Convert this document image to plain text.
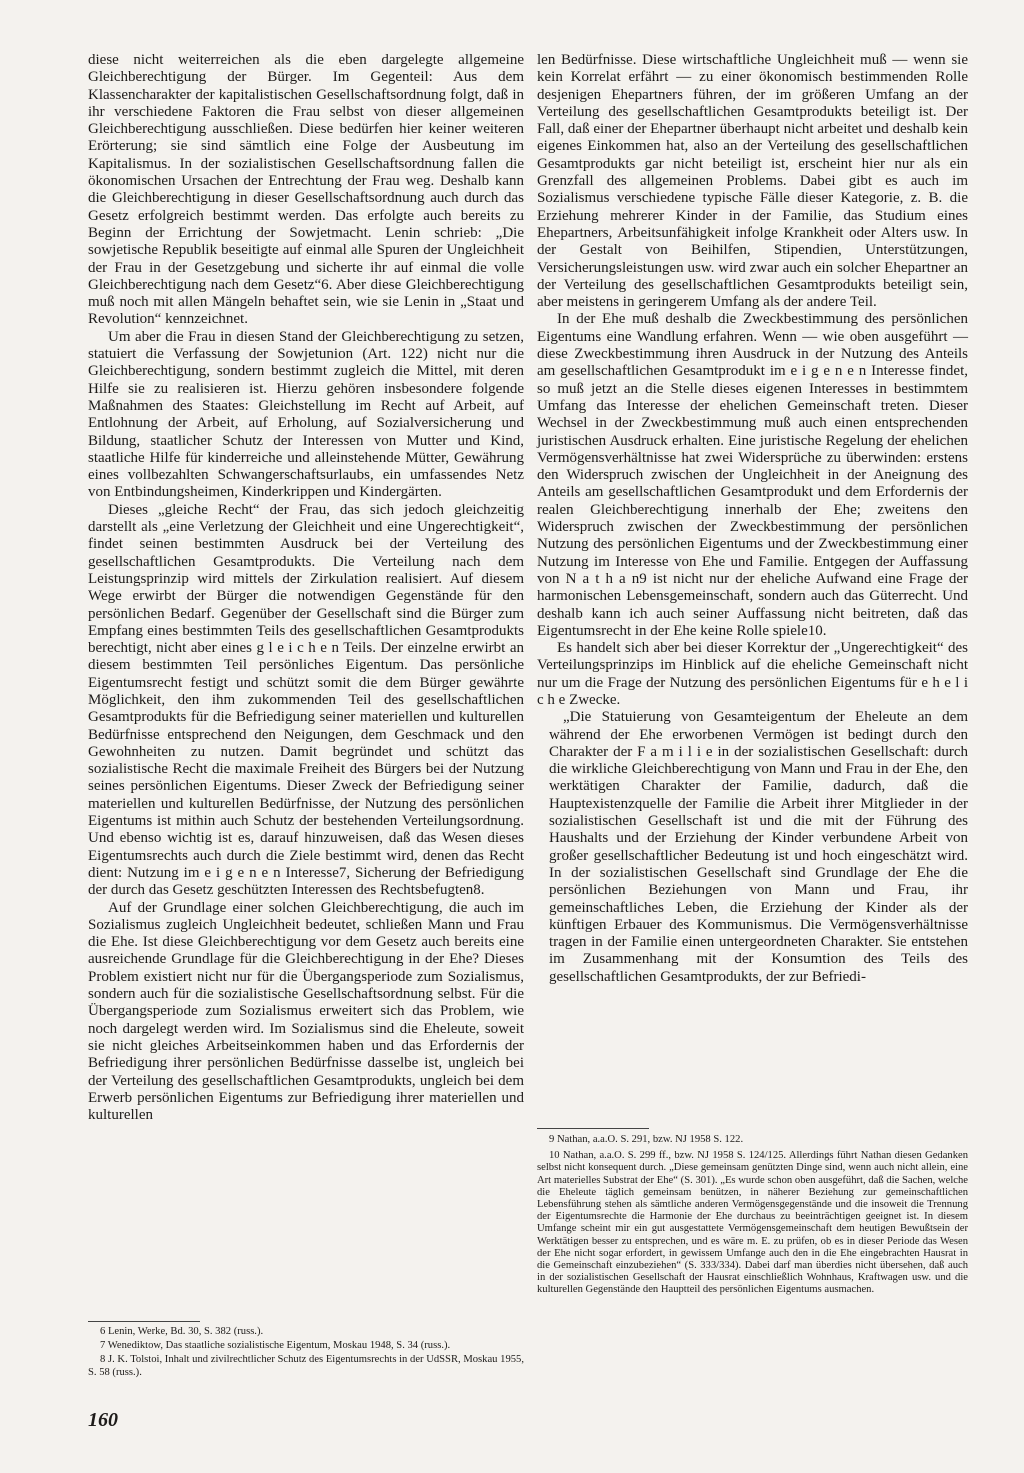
diese nicht weiterreichen als die eben dargelegte allgemeine Gleichberechtigung der Bürger. Im Gegenteil: Aus dem Klassencharakter der kapitalistischen Gesellschaftsordnung folgt, daß in ihr verschiedene Faktoren die Frau selbst von dieser allgemeinen Gleichberechtigung ausschließen. Diese bedürfen hier keiner weiteren Erörterung; sie sind sämtlich eine Folge der Ausbeutung im Kapitalismus. In der sozialistischen Gesellschaftsordnung fallen die ökonomischen Ursachen der Entrechtung der Frau weg. Deshalb kann die Gleichberechtigung in dieser Gesellschaftsordnung auch durch das Gesetz erfolgreich bestimmt werden. Das erfolgte auch bereits zu Beginn der Errichtung der Sowjetmacht. Lenin schrieb: „Die sowjetische Republik beseitigte auf einmal alle Spuren der Ungleichheit der Frau in der Gesetzgebung und sicherte ihr auf einmal die volle Gleichberechtigung nach dem Gesetz“6. Aber diese Gleichberechtigung muß noch mit allen Mängeln behaftet sein, wie sie Lenin in „Staat und Revolution“ kennzeichnet.

Um aber die Frau in diesen Stand der Gleichberechtigung zu setzen, statuiert die Verfassung der Sowjetunion (Art. 122) nicht nur die Gleichberechtigung, sondern bestimmt zugleich die Mittel, mit deren Hilfe sie zu realisieren ist. Hierzu gehören insbesondere folgende Maßnahmen des Staates: Gleichstellung im Recht auf Arbeit, auf Entlohnung der Arbeit, auf Erholung, auf Sozialversicherung und Bildung, staatlicher Schutz der Interessen von Mutter und Kind, staatliche Hilfe für kinderreiche und alleinstehende Mütter, Gewährung eines vollbezahlten Schwangerschaftsurlaubs, ein umfassendes Netz von Entbindungsheimen, Kinderkrippen und Kindergärten.

Dieses „gleiche Recht“ der Frau, das sich jedoch gleichzeitig darstellt als „eine Verletzung der Gleichheit und eine Ungerechtigkeit“, findet seinen bestimmten Ausdruck bei der Verteilung des gesellschaftlichen Gesamtprodukts. Die Verteilung nach dem Leistungsprinzip wird mittels der Zirkulation realisiert. Auf diesem Wege erwirbt der Bürger die notwendigen Gegenstände für den persönlichen Bedarf. Gegenüber der Gesellschaft sind die Bürger zum Empfang eines bestimmten Teils des gesellschaftlichen Gesamtprodukts berechtigt, nicht aber eines g l e i c h e n Teils. Der einzelne erwirbt an diesem bestimmten Teil persönliches Eigentum. Das persönliche Eigentumsrecht festigt und schützt somit die dem Bürger gewährte Möglichkeit, den ihm zukommenden Teil des gesellschaftlichen Gesamtprodukts für die Befriedigung seiner materiellen und kulturellen Bedürfnisse entsprechend den Neigungen, dem Geschmack und den Gewohnheiten zu nutzen. Damit begründet und schützt das sozialistische Recht die maximale Freiheit des Bürgers bei der Nutzung seines persönlichen Eigentums. Dieser Zweck der Befriedigung seiner materiellen und kulturellen Bedürfnisse, der Nutzung des persönlichen Eigentums ist mithin auch Schutz der bestehenden Verteilungsordnung. Und ebenso wichtig ist es, darauf hinzuweisen, daß das Wesen dieses Eigentumsrechts auch durch die Ziele bestimmt wird, denen das Recht dient: Nutzung im e i g e n e n Interesse7, Sicherung der Befriedigung der durch das Gesetz geschützten Interessen des Rechtsbefugten8.

Auf der Grundlage einer solchen Gleichberechtigung, die auch im Sozialismus zugleich Ungleichheit bedeutet, schließen Mann und Frau die Ehe. Ist diese Gleichberechtigung vor dem Gesetz auch bereits eine ausreichende Grundlage für die Gleichberechtigung in der Ehe? Dieses Problem existiert nicht nur für die Übergangsperiode zum Sozialismus, sondern auch für die sozialistische Gesellschaftsordnung selbst. Für die Übergangsperiode zum Sozialismus erweitert sich das Problem, wie noch dargelegt werden wird. Im Sozialismus sind die Eheleute, soweit sie nicht gleiches Arbeitseinkommen haben und das Erfordernis der Befriedigung ihrer persönlichen Bedürfnisse dasselbe ist, ungleich bei der Verteilung des gesellschaftlichen Gesamtprodukts, ungleich bei dem Erwerb persönlichen Eigentums zur Befriedigung ihrer materiellen und kulturellen

len Bedürfnisse. Diese wirtschaftliche Ungleichheit muß — wenn sie kein Korrelat erfährt — zu einer ökonomisch bestimmenden Rolle desjenigen Ehepartners führen, der im größeren Umfang an der Verteilung des gesellschaftlichen Gesamtprodukts beteiligt ist. Der Fall, daß einer der Ehepartner überhaupt nicht arbeitet und deshalb kein eigenes Einkommen hat, also an der Verteilung des gesellschaftlichen Gesamtprodukts gar nicht beteiligt ist, erscheint hier nur als ein Grenzfall des allgemeinen Problems. Dabei gibt es auch im Sozialismus verschiedene typische Fälle dieser Kategorie, z. B. die Erziehung mehrerer Kinder in der Familie, das Studium eines Ehepartners, Arbeitsunfähigkeit infolge Krankheit oder Alters usw. In der Gestalt von Beihilfen, Stipendien, Unterstützungen, Versicherungsleistungen usw. wird zwar auch ein solcher Ehepartner an der Verteilung des gesellschaftlichen Gesamtprodukts beteiligt sein, aber meistens in geringerem Umfang als der andere Teil.

In der Ehe muß deshalb die Zweckbestimmung des persönlichen Eigentums eine Wandlung erfahren. Wenn — wie oben ausgeführt — diese Zweckbestimmung ihren Ausdruck in der Nutzung des Anteils am gesellschaftlichen Gesamtprodukt im e i g e n e n Interesse findet, so muß jetzt an die Stelle dieses eigenen Interesses in bestimmtem Umfang das Interesse der ehelichen Gemeinschaft treten. Dieser Wechsel in der Zweckbestimmung muß auch einen entsprechenden juristischen Ausdruck erhalten. Eine juristische Regelung der ehelichen Vermögensverhältnisse hat zwei Widersprüche zu überwinden: erstens den Widerspruch zwischen der Ungleichheit in der Aneignung des Anteils am gesellschaftlichen Gesamtprodukt und dem Erfordernis der realen Gleichberechtigung innerhalb der Ehe; zweitens den Widerspruch zwischen der Zweckbestimmung der persönlichen Nutzung des persönlichen Eigentums und der Zweckbestimmung einer Nutzung im Interesse von Ehe und Familie. Entgegen der Auffassung von N a t h a n9 ist nicht nur der eheliche Aufwand eine Frage der harmonischen Lebensgemeinschaft, sondern auch das Güterrecht. Und deshalb kann ich auch seiner Auffassung nicht beitreten, daß das Eigentumsrecht in der Ehe keine Rolle spiele10.

Es handelt sich aber bei dieser Korrektur der „Ungerechtigkeit“ des Verteilungsprinzips im Hinblick auf die eheliche Gemeinschaft nicht nur um die Frage der Nutzung des persönlichen Eigentums für e h e l i c h e Zwecke.

„Die Statuierung von Gesamteigentum der Eheleute an dem während der Ehe erworbenen Vermögen ist bedingt durch den Charakter der F a m i l i e in der sozialistischen Gesellschaft: durch die wirkliche Gleichberechtigung von Mann und Frau in der Ehe, den werktätigen Charakter der Familie, dadurch, daß die Hauptexistenzquelle der Familie die Arbeit ihrer Mitglieder in der sozialistischen Gesellschaft ist und die mit der Führung des Haushalts und der Erziehung der Kinder verbundene Arbeit von großer gesellschaftlicher Bedeutung ist und hoch eingeschätzt wird. In der sozialistischen Gesellschaft sind Grundlage der Ehe die persönlichen Beziehungen von Mann und Frau, ihr gemeinschaftliches Leben, die Erziehung der Kinder als der künftigen Erbauer des Kommunismus. Die Vermögensverhältnisse tragen in der Familie einen untergeordneten Charakter. Sie entstehen im Zusammenhang mit der Konsumtion des Teils des gesellschaftlichen Gesamtprodukts, der zur Befriedi-

6 Lenin, Werke, Bd. 30, S. 382 (russ.).

7 Wenediktow, Das staatliche sozialistische Eigentum, Moskau 1948, S. 34 (russ.).

8 J. K. Tolstoi, Inhalt und zivilrechtlicher Schutz des Eigentumsrechts in der UdSSR, Moskau 1955, S. 58 (russ.).

9 Nathan, a.a.O. S. 291, bzw. NJ 1958 S. 122.

10 Nathan, a.a.O. S. 299 ff., bzw. NJ 1958 S. 124/125. Allerdings führt Nathan diesen Gedanken selbst nicht konsequent durch. „Diese gemeinsam genützten Dinge sind, wenn auch nicht allein, eine Art materielles Substrat der Ehe“ (S. 301). „Es wurde schon oben ausgeführt, daß die Sachen, welche die Eheleute täglich gemeinsam benützen, in näherer Beziehung zur gemeinschaftlichen Lebensführung stehen als sämtliche anderen Vermögensgegenstände und die insoweit die Trennung der Eigentumsrechte die Harmonie der Ehe durchaus zu beeinträchtigen geeignet ist. In diesem Umfange scheint mir ein gut ausgestattete Vermögensgemeinschaft dem heutigen Bewußtsein der Werktätigen besser zu entsprechen, und es wäre m. E. zu prüfen, ob es in dieser Periode das Wesen der Ehe nicht sogar erfordert, in gewissem Umfange auch den in die Ehe eingebrachten Hausrat in die Gemeinschaft einzubeziehen“ (S. 333/334). Dabei darf man überdies nicht übersehen, daß auch in der sozialistischen Gesellschaft der Hausrat einschließlich Wohnhaus, Kraftwagen usw. und die kulturellen Gegenstände den Hauptteil des persönlichen Eigentums ausmachen.

160
